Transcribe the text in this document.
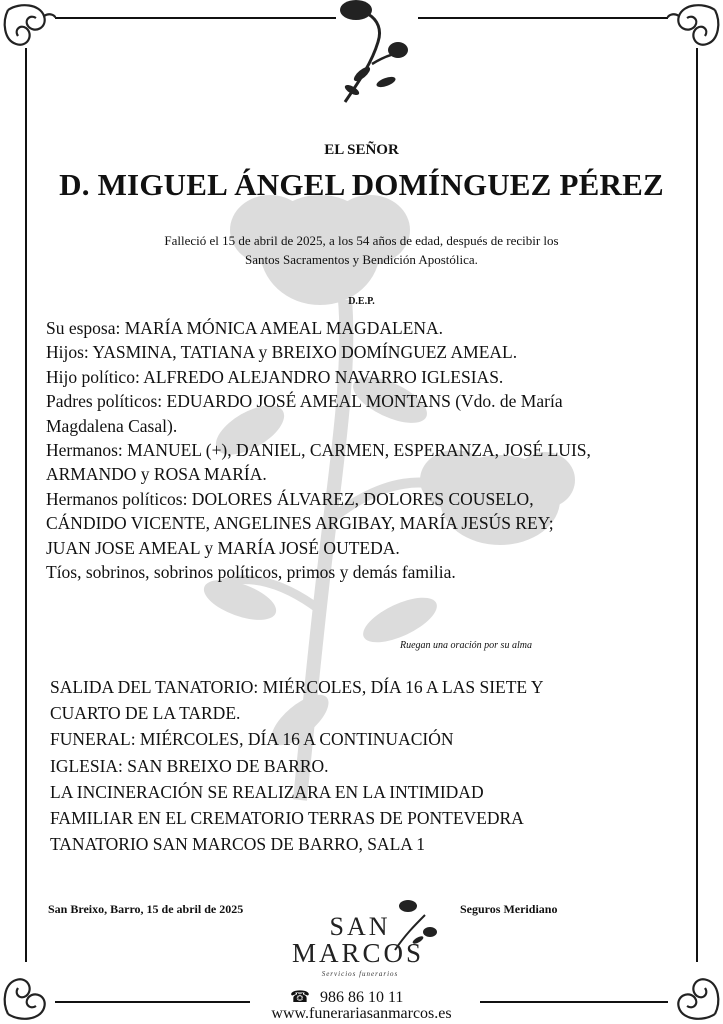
EL SEÑOR
D. MIGUEL ÁNGEL DOMÍNGUEZ PÉREZ
Falleció el 15 de abril de 2025, a los 54 años de edad, después de recibir los
Santos Sacramentos y Bendición Apostólica.
D.E.P.
Su esposa: MARÍA MÓNICA AMEAL MAGDALENA.
Hijos: YASMINA, TATIANA y BREIXO DOMÍNGUEZ AMEAL.
Hijo político: ALFREDO ALEJANDRO NAVARRO IGLESIAS.
Padres políticos: EDUARDO JOSÉ AMEAL MONTANS (Vdo. de María
Magdalena Casal).
Hermanos: MANUEL (+), DANIEL, CARMEN, ESPERANZA, JOSÉ LUIS,
ARMANDO y ROSA MARÍA.
Hermanos políticos: DOLORES ÁLVAREZ, DOLORES COUSELO,
CÁNDIDO VICENTE, ANGELINES ARGIBAY, MARÍA JESÚS REY;
JUAN JOSE AMEAL y MARÍA JOSÉ OUTEDA.
Tíos, sobrinos, sobrinos políticos, primos y demás familia.
Ruegan una oración por su alma
SALIDA DEL TANATORIO: MIÉRCOLES, DÍA 16 A LAS SIETE Y
CUARTO DE LA TARDE.
FUNERAL: MIÉRCOLES, DÍA 16 A CONTINUACIÓN
IGLESIA: SAN BREIXO DE BARRO.
LA INCINERACIÓN SE REALIZARA EN LA INTIMIDAD
FAMILIAR EN EL CREMATORIO TERRAS DE PONTEVEDRA
TANATORIO SAN MARCOS DE BARRO, SALA 1
San Breixo, Barro, 15 de abril de 2025	Seguros Meridiano
SAN
MARCOS
Servicios funerarios
☎ 986 86 10 11
www.funerariasanmarcos.es
